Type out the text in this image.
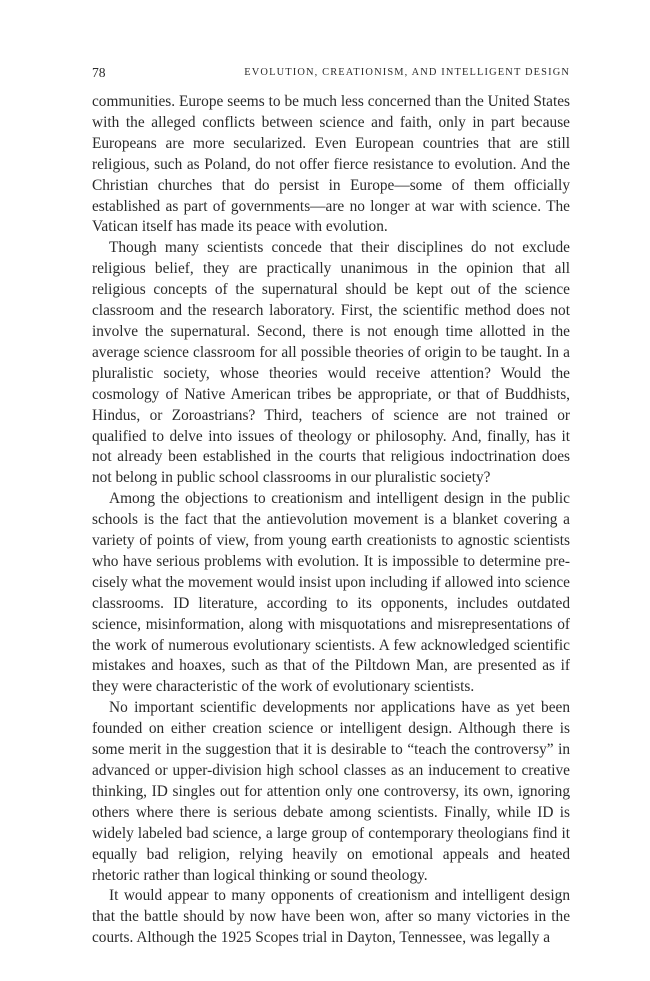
78	EVOLUTION, CREATIONISM, AND INTELLIGENT DESIGN

communities. Europe seems to be much less concerned than the United States with the alleged conflicts between science and faith, only in part because Europeans are more secularized. Even European countries that are still religious, such as Poland, do not offer fierce resistance to evolution. And the Christian churches that do persist in Europe—some of them officially established as part of governments—are no longer at war with science. The Vatican itself has made its peace with evolution.

Though many scientists concede that their disciplines do not exclude religious belief, they are practically unanimous in the opinion that all religious concepts of the supernatural should be kept out of the science classroom and the research laboratory. First, the scientific method does not involve the supernatural. Second, there is not enough time allotted in the average science classroom for all possible theories of origin to be taught. In a pluralistic society, whose theories would receive attention? Would the cosmology of Native American tribes be appropriate, or that of Buddhists, Hindus, or Zoroastrians? Third, teachers of science are not trained or qualified to delve into issues of theology or philosophy. And, finally, has it not already been established in the courts that religious indoctrination does not belong in public school classrooms in our pluralistic society?

Among the objections to creationism and intelligent design in the public schools is the fact that the antievolution movement is a blanket covering a variety of points of view, from young earth creationists to agnostic scientists who have serious problems with evolution. It is impossible to determine precisely what the movement would insist upon including if allowed into science classrooms. ID literature, according to its opponents, includes outdated science, misinformation, along with misquotations and misrepresentations of the work of numerous evolutionary scientists. A few acknowledged scientific mistakes and hoaxes, such as that of the Piltdown Man, are presented as if they were characteristic of the work of evolutionary scientists.

No important scientific developments nor applications have as yet been founded on either creation science or intelligent design. Although there is some merit in the suggestion that it is desirable to “teach the controversy” in advanced or upper-division high school classes as an inducement to creative thinking, ID singles out for attention only one controversy, its own, ignoring others where there is serious debate among scientists. Finally, while ID is widely labeled bad science, a large group of contemporary theologians find it equally bad religion, relying heavily on emotional appeals and heated rhetoric rather than logical thinking or sound theology.

It would appear to many opponents of creationism and intelligent design that the battle should by now have been won, after so many victories in the courts. Although the 1925 Scopes trial in Dayton, Tennessee, was legally a
